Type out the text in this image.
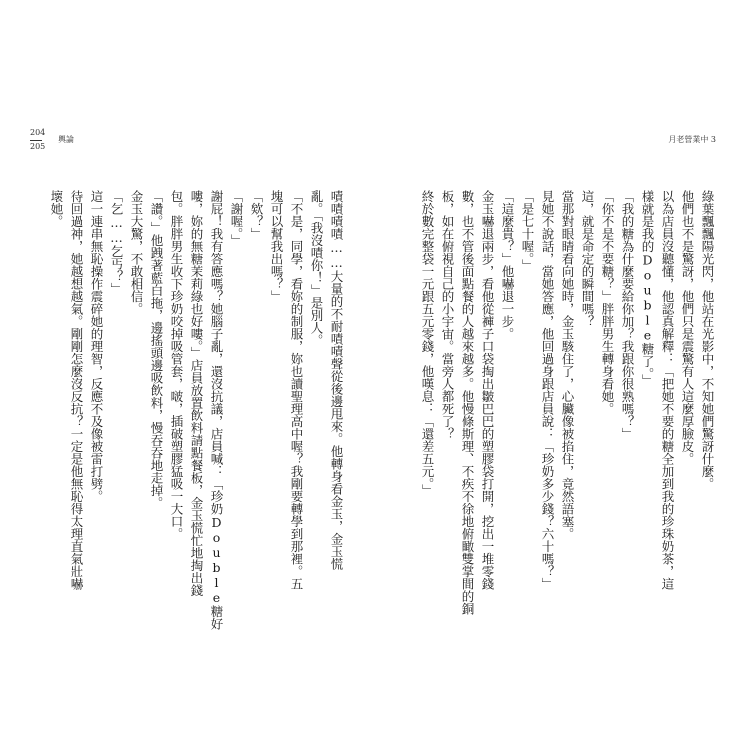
204
205
輿論
嘖嘖嘖嘖……大量的不耐嘖嘖聲從後邊甩來。他轉身看金玉，金玉慌
亂。「我沒嘖你！」是別人。
「不是，同學，看妳的制服，妳也讀聖理高中喔？我剛要轉學到那裡。五
塊可以幫我出嗎？」
「欸？」
「謝喔。」
謝屁！我有答應嗎？她腦子亂，還沒抗議，店員喊：「珍奶Double糖好
嘍，妳的無糖茉莉綠也好嘍。」店員放置飲料請點餐板，金玉慌忙地掏出錢
包。胖胖男生收下珍奶咬掉吸管套，啵，插破塑膠猛吸一大口。
「讚。」他跩著藍白拖，邊搖頭邊吸飲料，慢吞吞地走掉。
金玉大驚，不敢相信。
「乞……乞丐？」
這一連串無恥操作震碎她的理智，反應不及像被雷打劈。
待回過神，她越想越氣。剛剛怎麼沒反抗？一定是他無恥得太理直氣壯嚇
壞她。
月老營業中 3
綠葉飄飄陽光閃，他站在光影中，不知她們驚訝什麼。
他們也不是驚訝，他們只是震驚有人這麼厚臉皮。
以為店員沒聽懂，他認真解釋：「把她不要的糖全加到我的珍珠奶茶，這
樣就是我的Double糖了。」
「我的糖為什麼要給你加？我跟你很熟嗎？」
「你不是不要糖？」胖胖男生轉身看她。
這，就是命定的瞬間嗎？
當那對眼睛看向她時，金玉駭住了，心臟像被掐住，竟然語塞。
見她不說話，當她答應，他回過身跟店員說：「珍奶多少錢？六十嗎？」
「是七十喔。」
「這麼貴？」他嚇退一步。
金玉嚇退兩步，看他從褲子口袋掏出皺巴巴的塑膠袋打開，挖出一堆零錢
數，也不管後面點餐的人越來越多。他慢條斯理、不疾不徐地俯瞰雙掌間的銅
板，如在俯視自己的小宇宙。當旁人都死了？
終於數完整袋一元跟五元零錢，他嘆息：「還差五元。」
